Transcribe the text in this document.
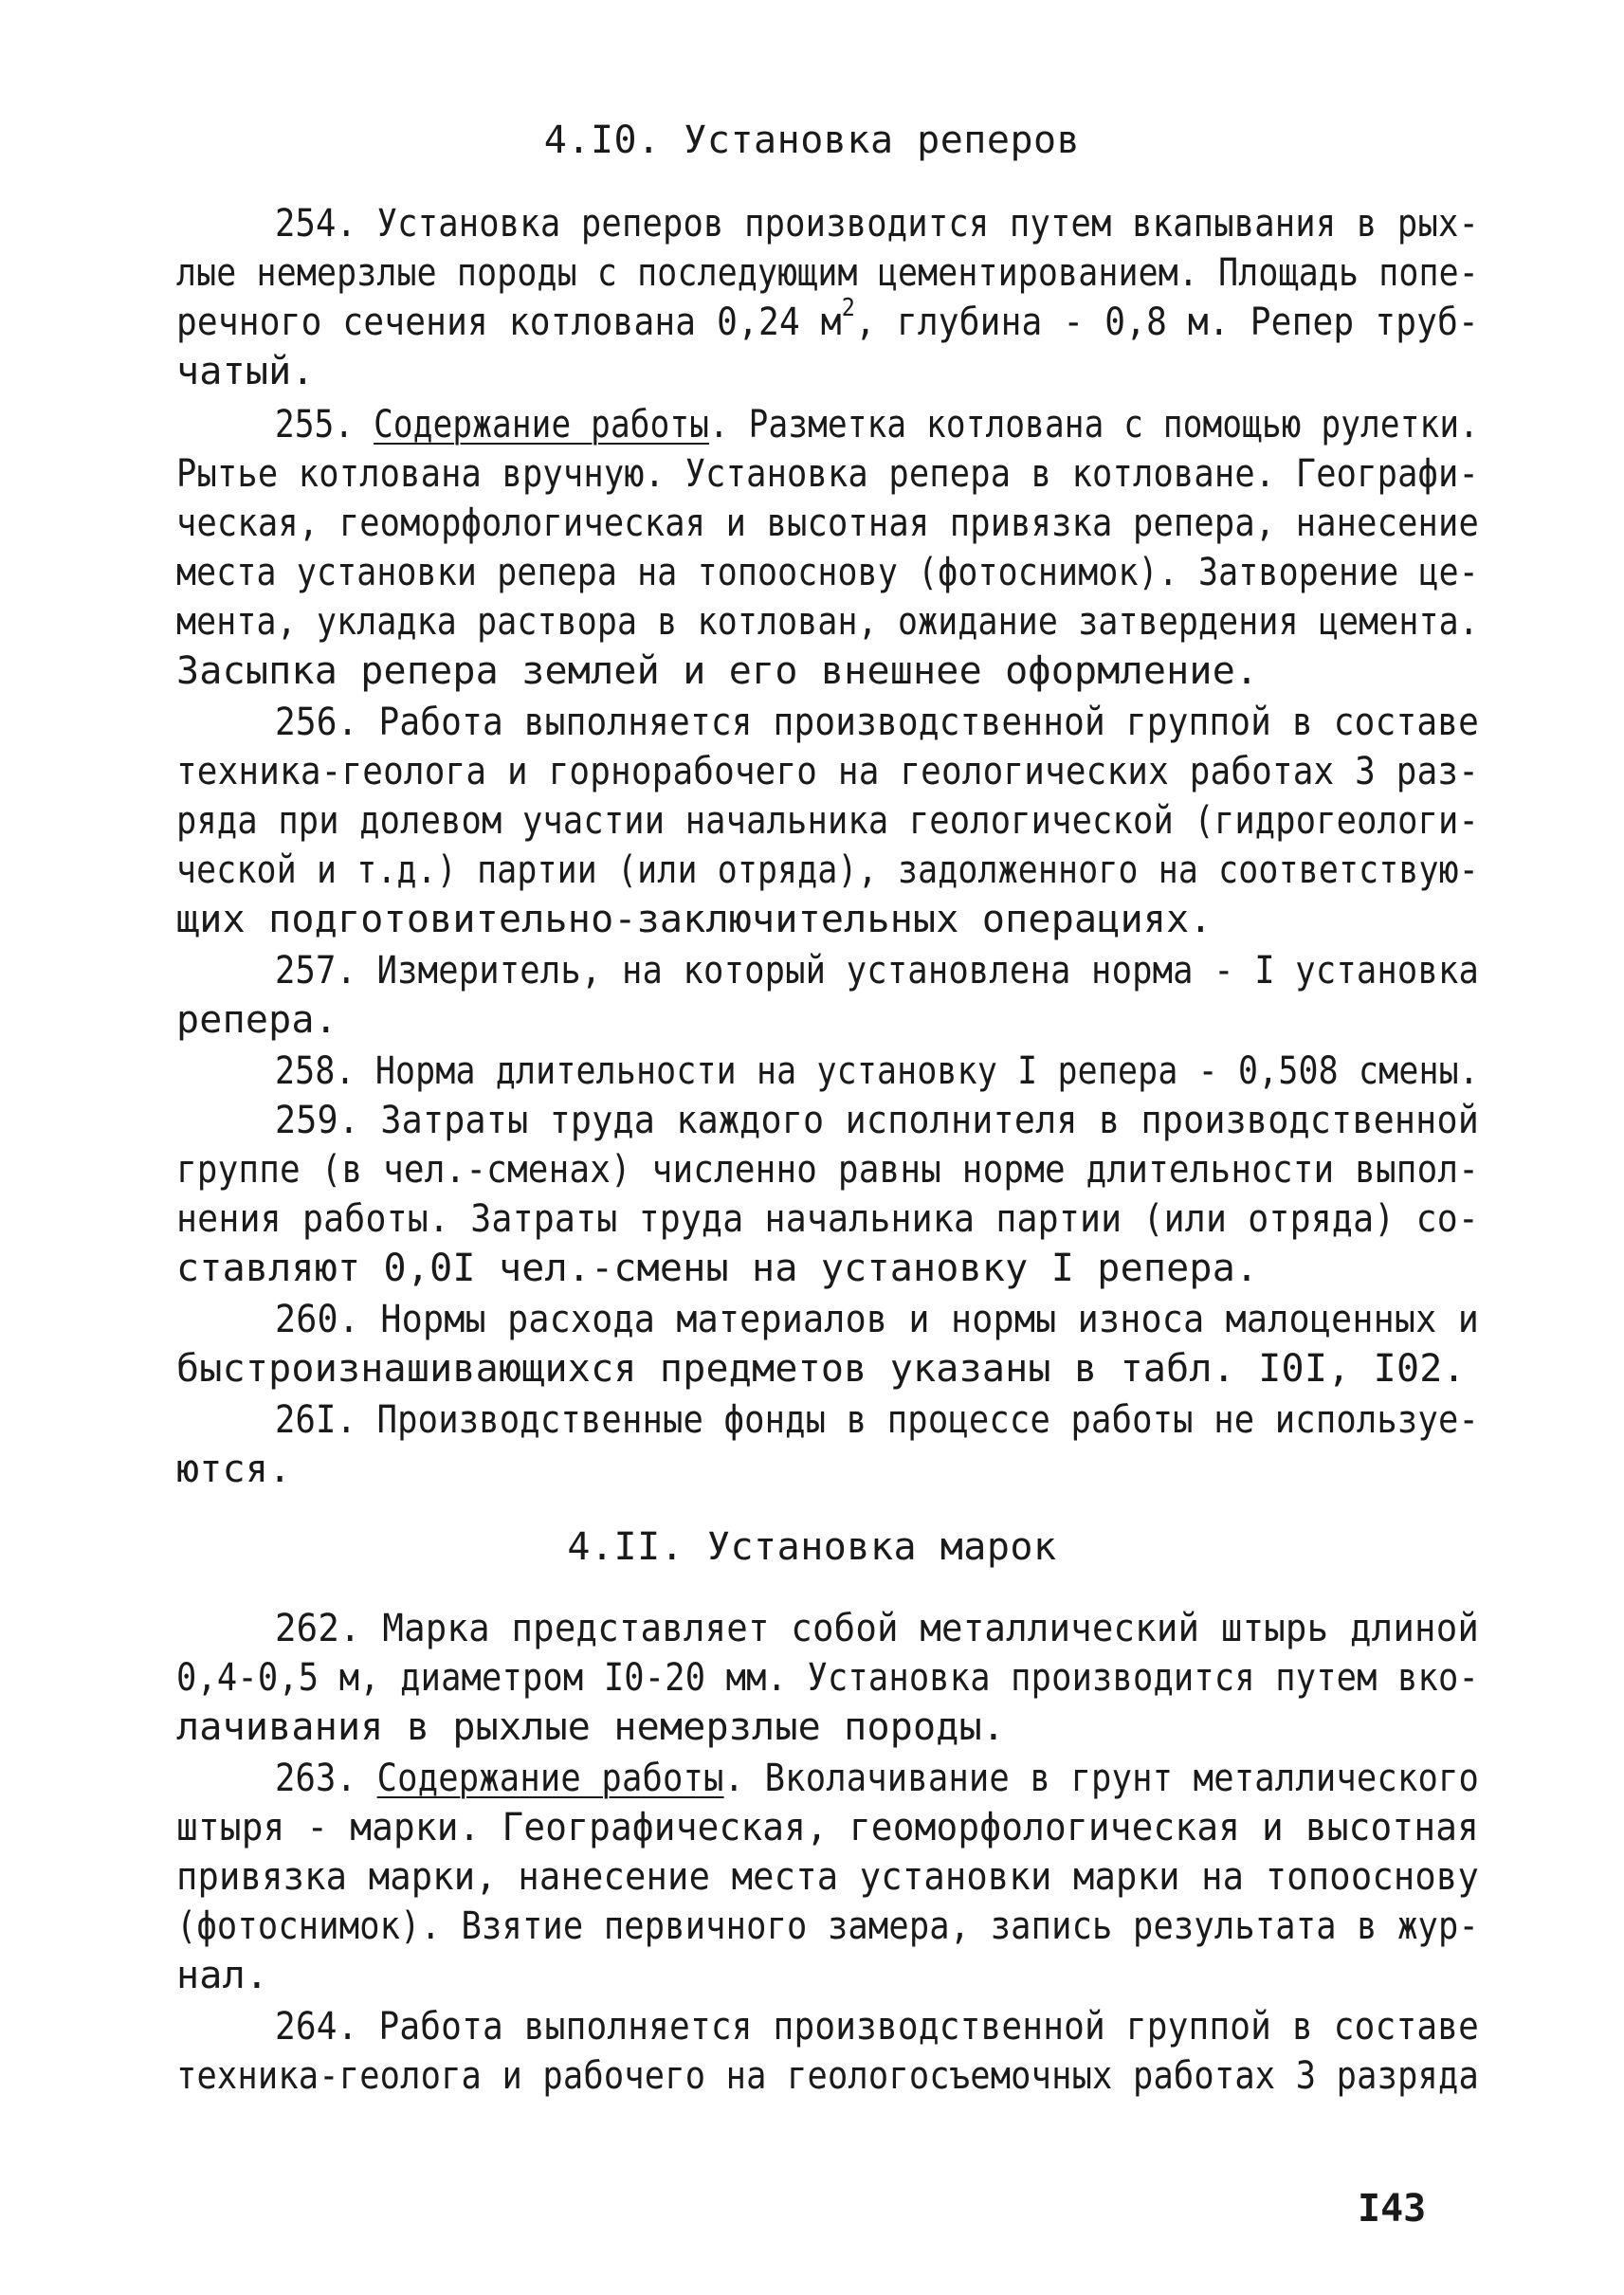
4.I0. Установка реперов
254. Установка реперов производится путем вкапывания в рых-
лые немерзлые породы с последующим цементированием. Площадь попе-
речного сечения котлована 0,24 $м^2$, глубина - 0,8 м. Репер труб-
чатый.
255. Содержание работы. Разметка котлована с помощью рулетки.
Рытье котлована вручную. Установка репера в котловане. Географи-
ческая, геоморфологическая и высотная привязка репера, нанесение
места установки репера на топооснову (фотоснимок). Затворение це-
мента, укладка раствора в котлован, ожидание затвердения цемента.
Засыпка репера землей и его внешнее оформление.
256. Работа выполняется производственной группой в составе
техника-геолога и горнорабочего на геологических работах 3 раз-
ряда при долевом участии начальника геологической (гидрогеологи-
ческой и т.д.) партии (или отряда), задолженного на соответствую-
щих подготовительно-заключительных операциях.
257. Измеритель, на который установлена норма - I установка
репера.
258. Норма длительности на установку I репера - 0,508 смены.
259. Затраты труда каждого исполнителя в производственной
группе (в чел.-сменах) численно равны норме длительности выпол-
нения работы. Затраты труда начальника партии (или отряда) со-
ставляют 0,0I чел.-смены на установку I репера.
260. Нормы расхода материалов и нормы износа малоценных и
быстроизнашивающихся предметов указаны в табл. I0I, I02.
26I. Производственные фонды в процессе работы не используе-
ются.
4.II. Установка марок
262. Марка представляет собой металлический штырь длиной
0,4-0,5 м, диаметром I0-20 мм. Установка производится путем вко-
лачивания в рыхлые немерзлые породы.
263. Содержание работы. Вколачивание в грунт металлического
штыря - марки. Географическая, геоморфологическая и высотная
привязка марки, нанесение места установки марки на топооснову
(фотоснимок). Взятие первичного замера, запись результата в жур-
нал.
264. Работа выполняется производственной группой в составе
техника-геолога и рабочего на геологосъемочных работах 3 разряда
I43
